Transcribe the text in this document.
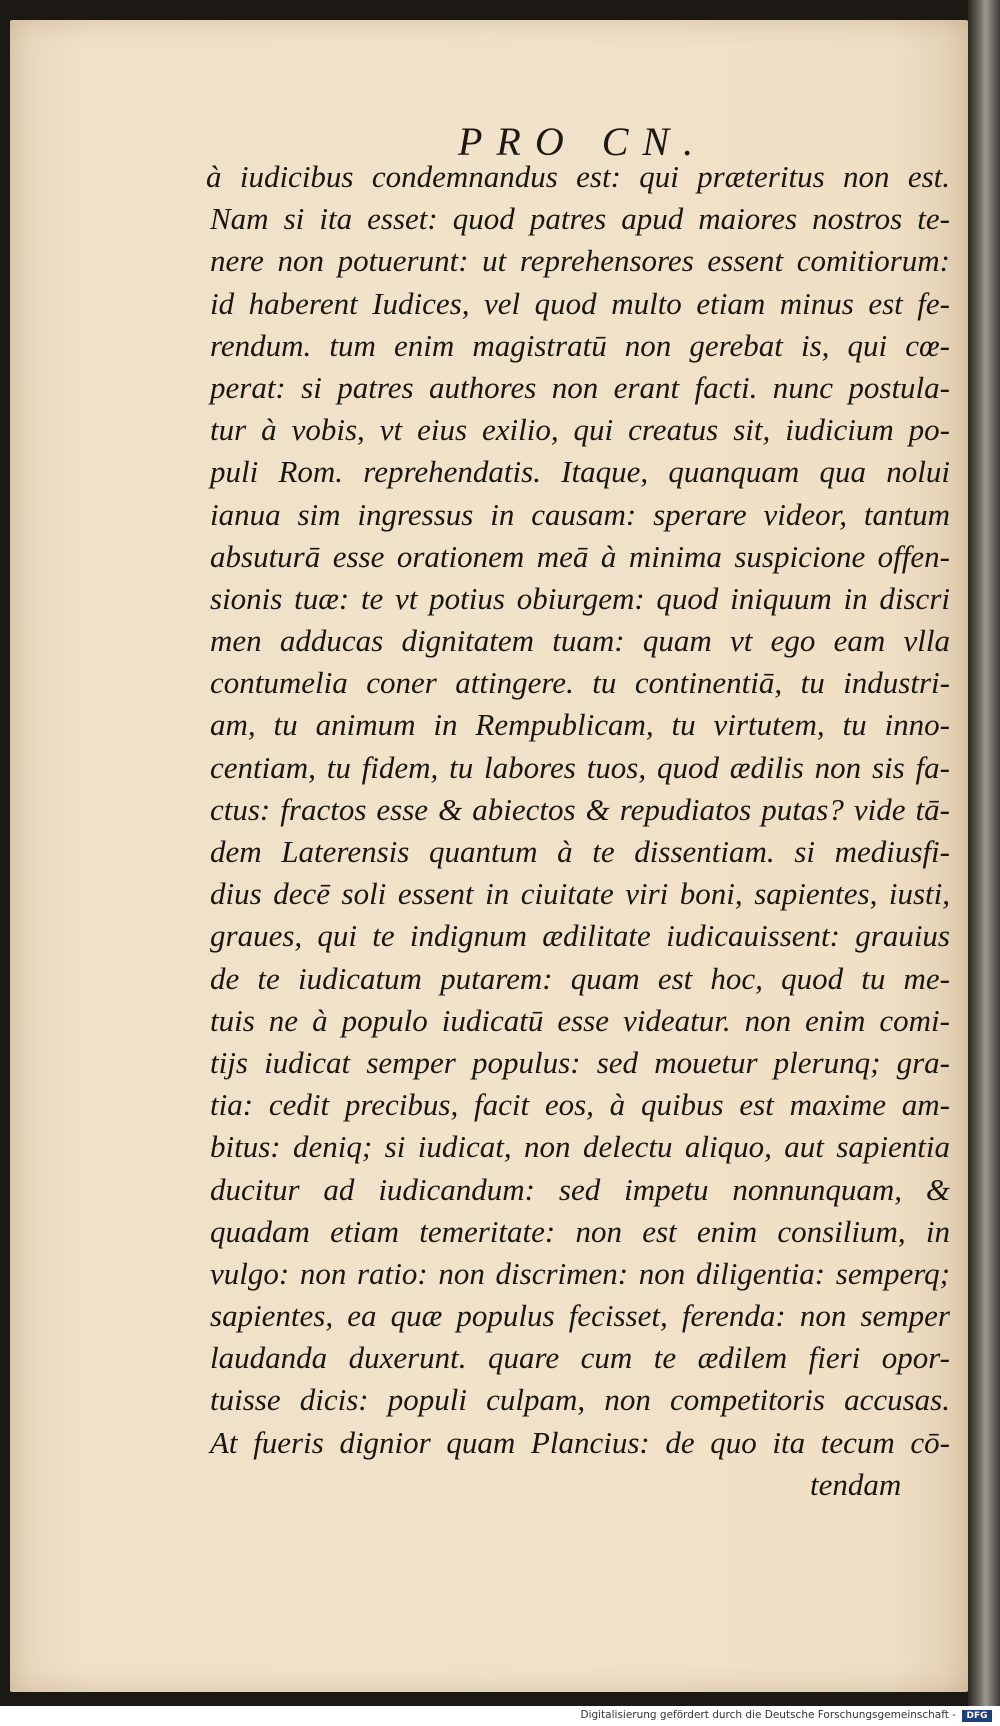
PRO CN.
à iudicibus condemnandus est: qui præteritus non est.
Nam si ita esset: quod patres apud maiores nostros te-
nere non potuerunt: ut reprehensores essent comitiorum:
id haberent Iudices, vel quod multo etiam minus est fe-
rendum. tum enim magistratū non gerebat is, qui cœ-
perat: si patres authores non erant facti. nunc postula-
tur à vobis, vt eius exilio, qui creatus sit, iudicium po-
puli Rom. reprehendatis. Itaque, quanquam qua nolui
ianua sim ingressus in causam: sperare videor, tantum
absuturā esse orationem meā à minima suspicione offen-
sionis tuæ: te vt potius obiurgem: quod iniquum in discri
men adducas dignitatem tuam: quam vt ego eam vlla
contumelia coner attingere. tu continentiā, tu industri-
am, tu animum in Rempublicam, tu virtutem, tu inno-
centiam, tu fidem, tu labores tuos, quod ædilis non sis fa-
ctus: fractos esse & abiectos & repudiatos putas? vide tā-
dem Laterensis quantum à te dissentiam. si mediusfi-
dius decē soli essent in ciuitate viri boni, sapientes, iusti,
graues, qui te indignum ædilitate iudicauissent: grauius
de te iudicatum putarem: quam est hoc, quod tu me-
tuis ne à populo iudicatū esse videatur. non enim comi-
tijs iudicat semper populus: sed mouetur plerunq; gra-
tia: cedit precibus, facit eos, à quibus est maxime am-
bitus: deniq; si iudicat, non delectu aliquo, aut sapientia
ducitur ad iudicandum: sed impetu nonnunquam, &
quadam etiam temeritate: non est enim consilium, in
vulgo: non ratio: non discrimen: non diligentia: semperq;
sapientes, ea quæ populus fecisset, ferenda: non semper
laudanda duxerunt. quare cum te ædilem fieri opor-
tuisse dicis: populi culpam, non competitoris accusas.
At fueris dignior quam Plancius: de quo ita tecum cō-
tendam
Digitalisierung gefördert durch die Deutsche Forschungsgemeinschaft -	DFG
